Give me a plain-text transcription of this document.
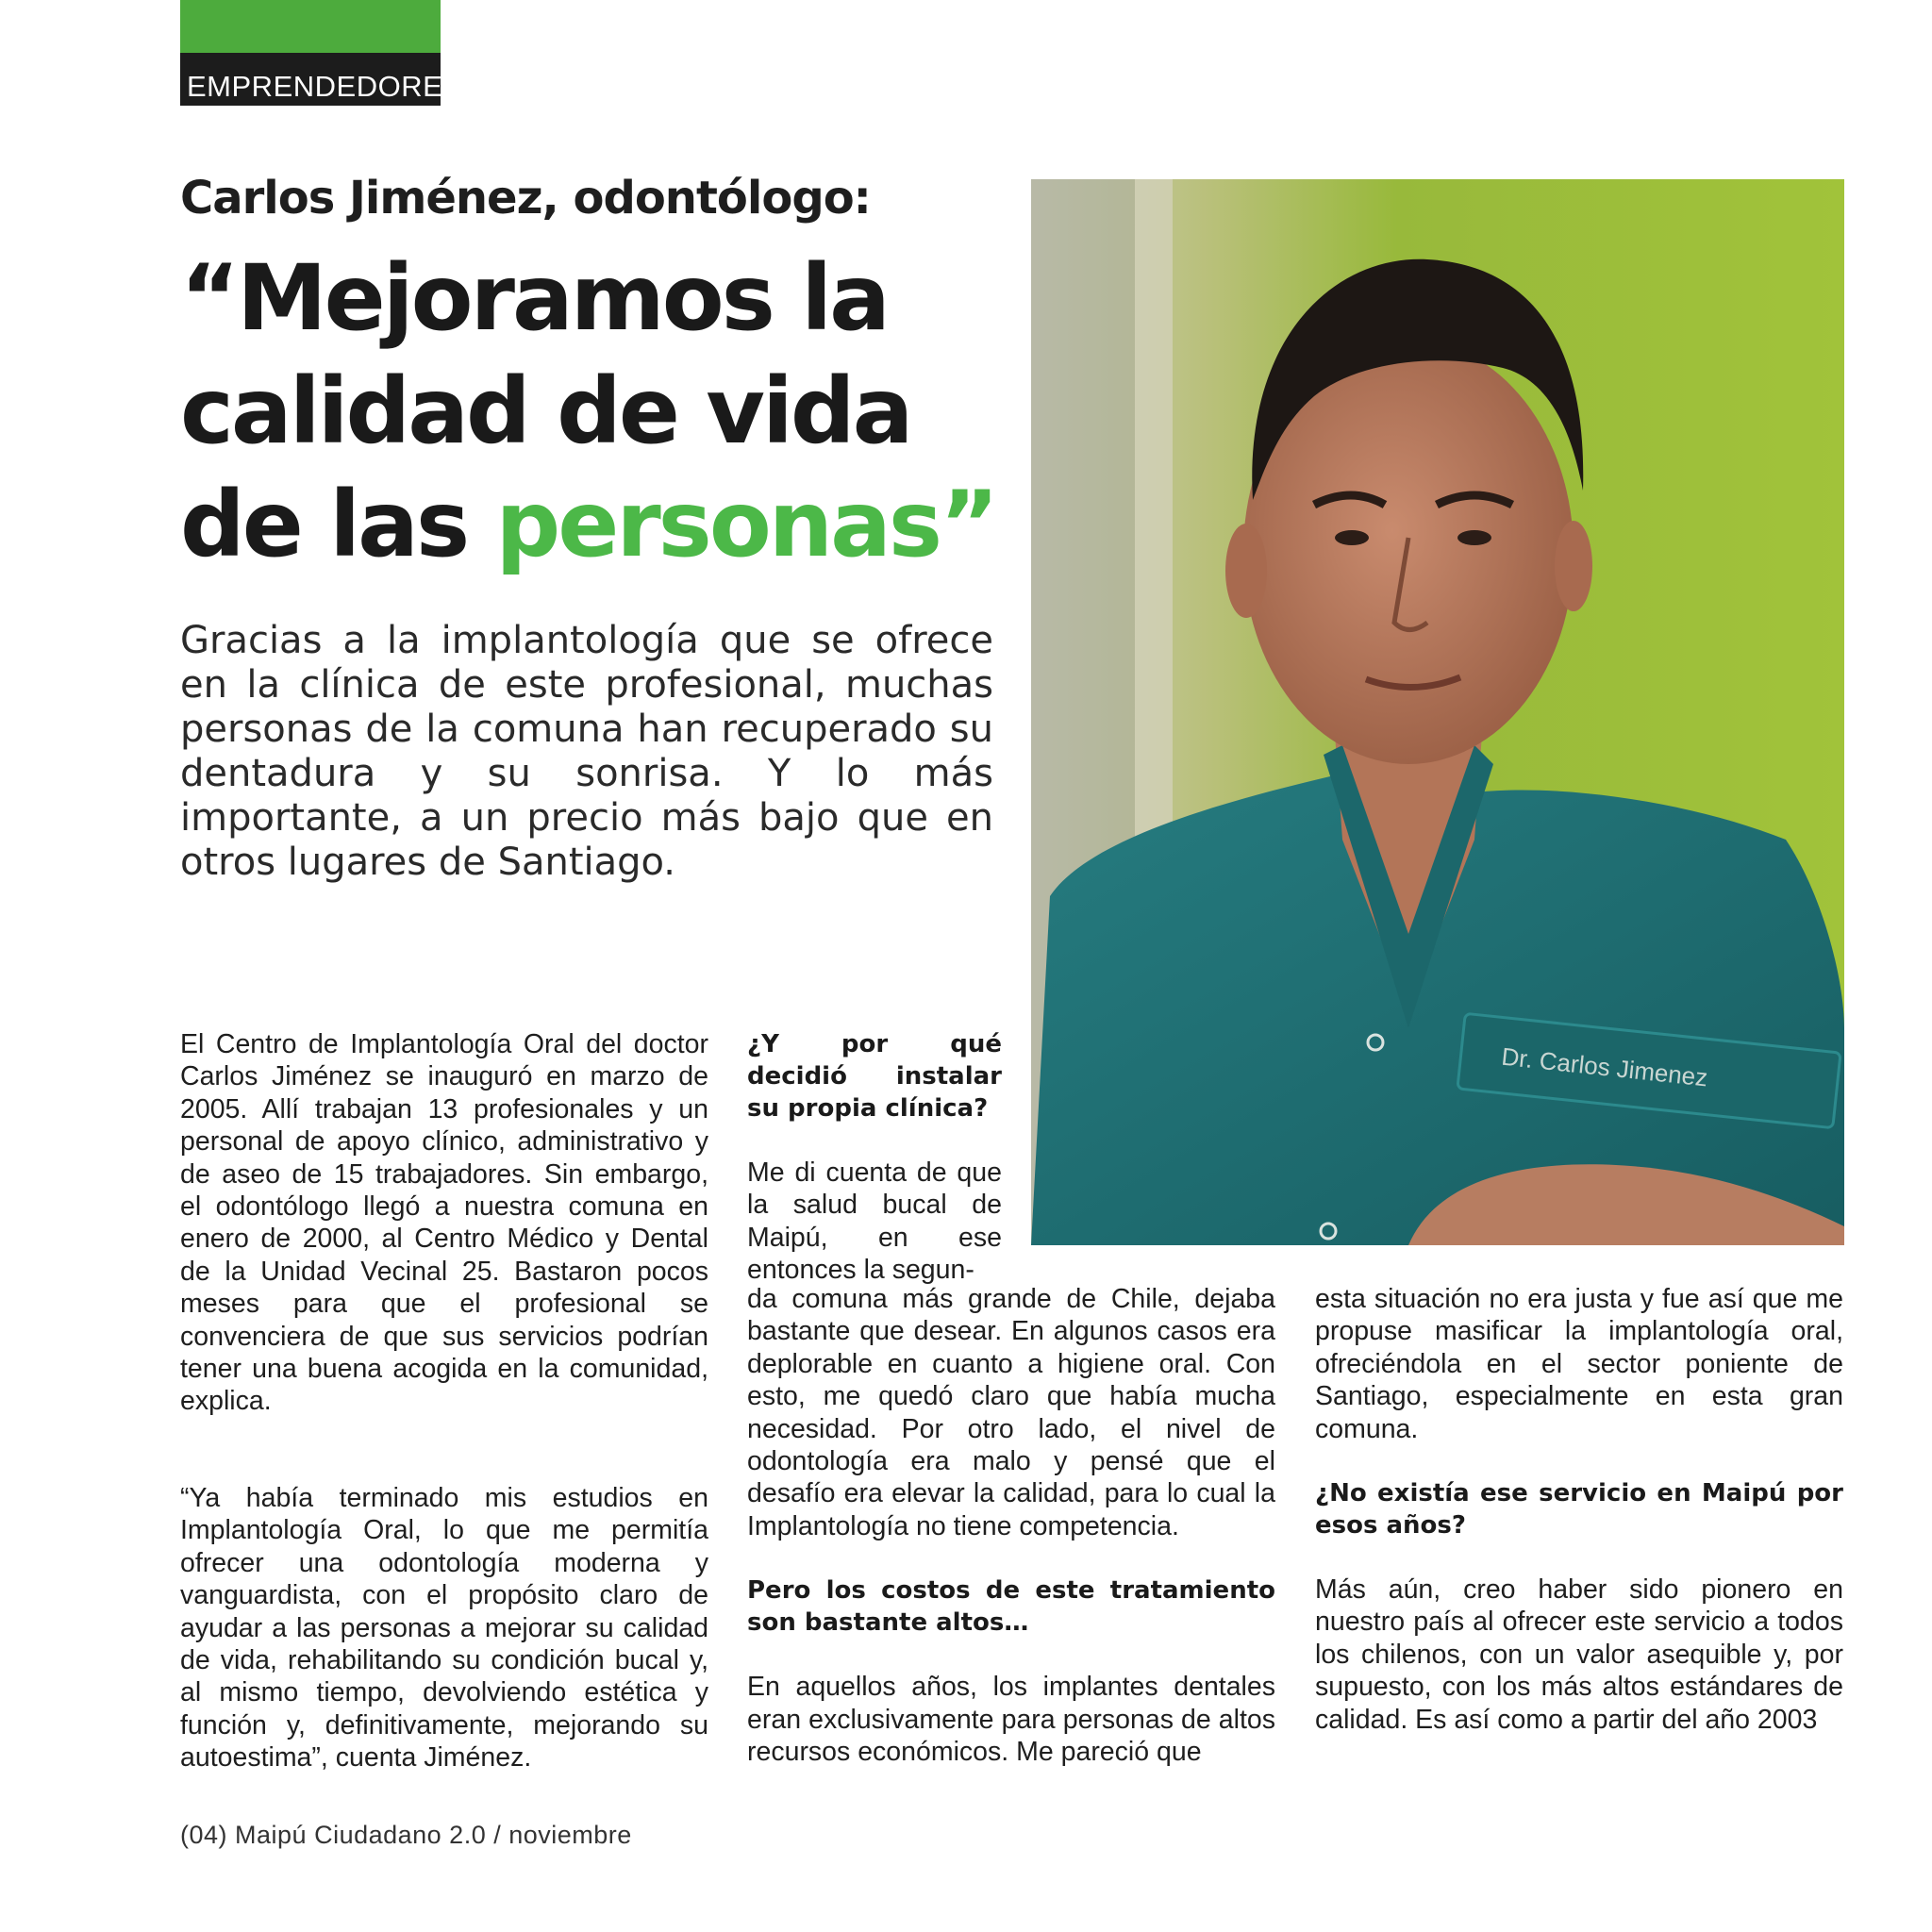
EMPRENDEDORES
Carlos Jiménez, odontólogo:
“Mejoramos la
calidad de vida
de las personas”
Gracias a la implantología que se ofrece en la clínica de este profesional, muchas personas de la comuna han recuperado su dentadura y su sonrisa. Y lo más importante, a un precio más bajo que en otros lugares de Santiago.
Dr. Carlos Jimenez

El Centro de Implantología Oral del doctor Carlos Jiménez se inauguró en marzo de 2005. Allí trabajan 13 profesionales y un personal de apoyo clínico, administrativo y de aseo de 15 trabajadores. Sin embargo, el odontólogo llegó a nuestra comuna en enero de 2000, al Centro Médico y Dental de la Unidad Vecinal 25. Bastaron pocos meses para que el profesional se convenciera de que sus servicios podrían tener una buena acogida en la comunidad, explica.

“Ya había terminado mis estudios en Implantología Oral, lo que me permitía ofrecer una odontología moderna y vanguardista, con el propósito claro de ayudar a las personas a mejorar su calidad de vida, rehabilitando su condición bucal y, al mismo tiempo, devolviendo estética y función y, definitivamente, mejorando su autoestima”, cuenta Jiménez.

¿Y por qué decidió instalar su propia clínica?

Me di cuenta de que la salud bucal de Maipú, en ese entonces la segun-

da comuna más grande de Chile, dejaba bastante que desear. En algunos casos era deplorable en cuanto a higiene oral. Con esto, me quedó claro que había mucha necesidad. Por otro lado, el nivel de odontología era malo y pensé que el desafío era elevar la calidad, para lo cual la Implantología no tiene competencia.

Pero los costos de este tratamiento son bastante altos…

En aquellos años, los implantes dentales eran exclusivamente para personas de altos recursos económicos. Me pareció que

esta situación no era justa y fue así que me propuse masificar la implantología oral, ofreciéndola en el sector poniente de Santiago, especialmente en esta gran comuna.

¿No existía ese servicio en Maipú por esos años?

Más aún, creo haber sido pionero en nuestro país al ofrecer este servicio a todos los chilenos, con un valor asequible y, por supuesto, con los más altos estándares de calidad. Es así como a partir del año 2003

(04) Maipú Ciudadano 2.0 / noviembre
